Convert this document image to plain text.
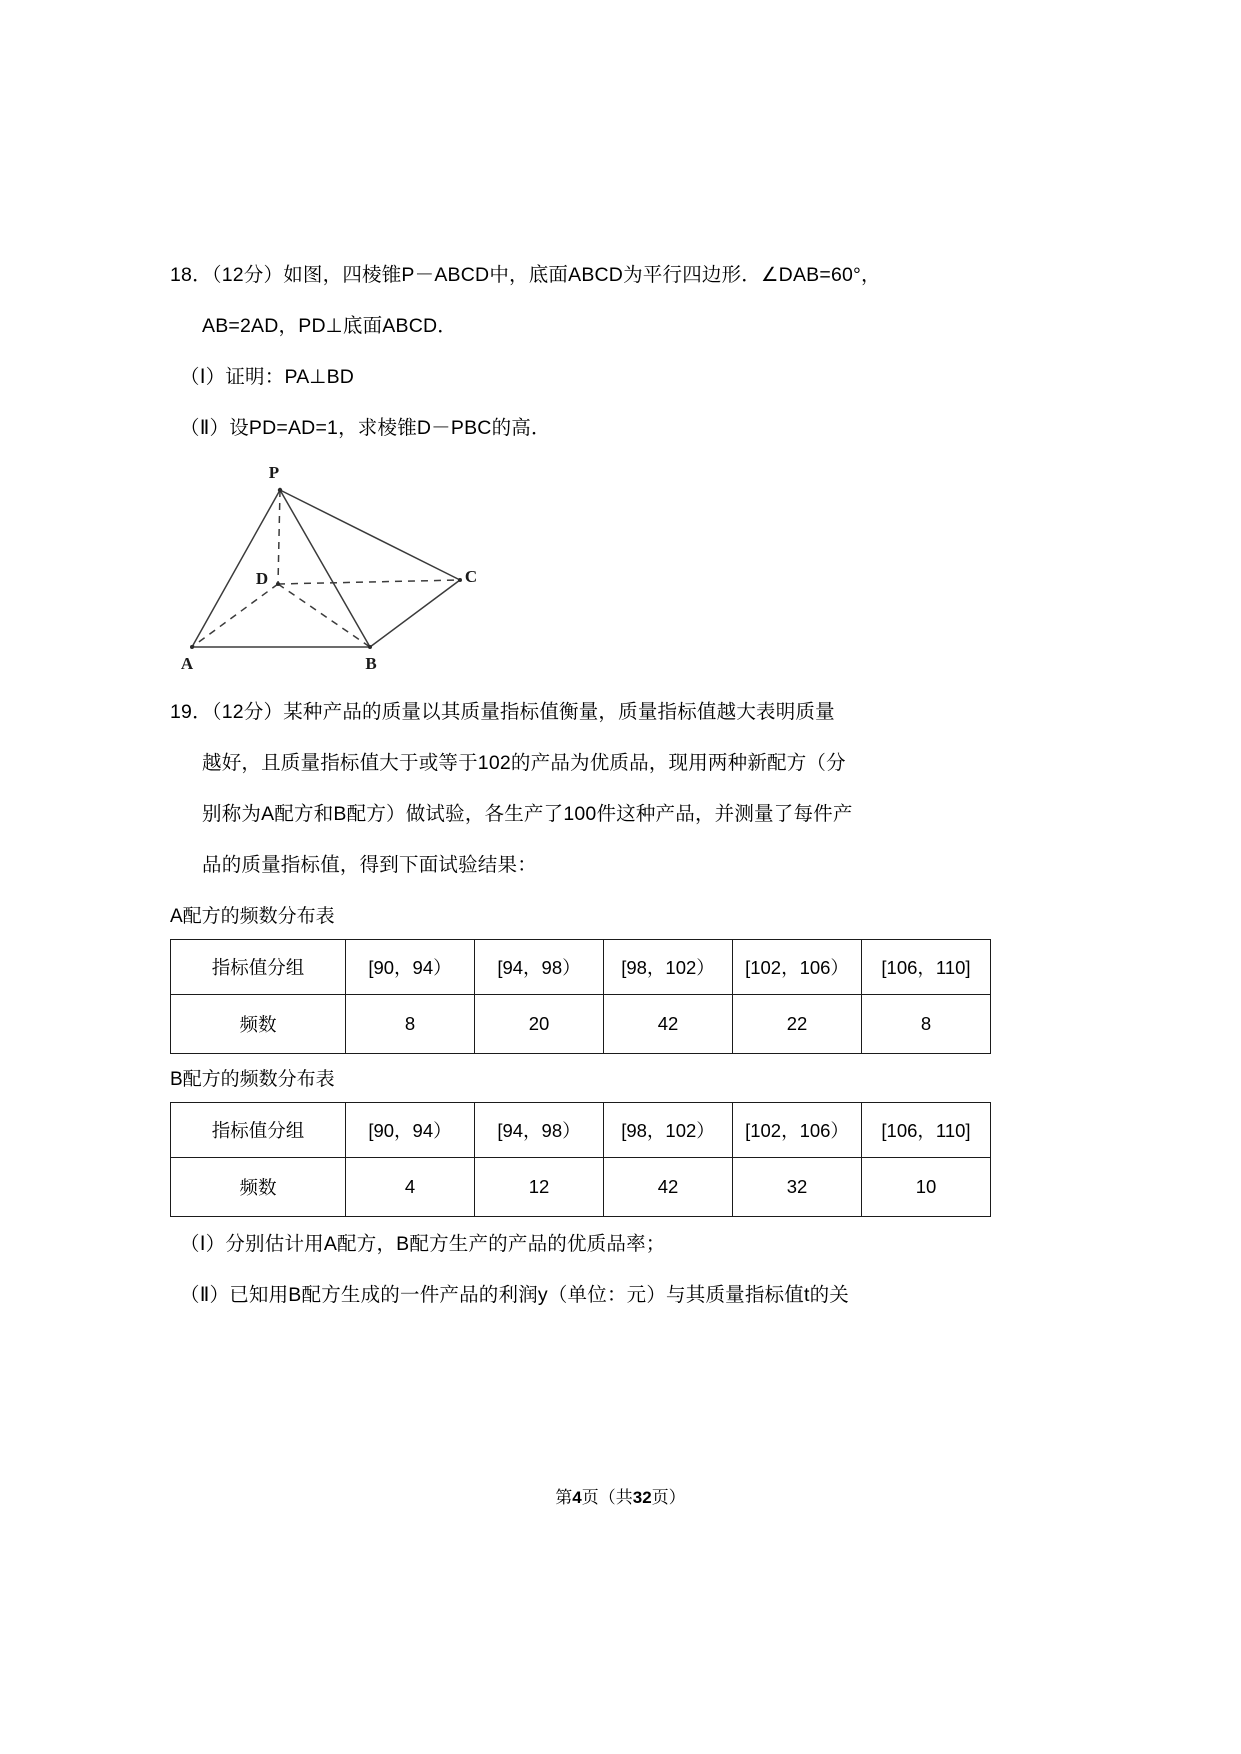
18．（12分）如图，四棱锥P－ABCD中，底面ABCD为平行四边形．∠DAB=60°，
AB=2AD，PD⊥底面ABCD．
（Ⅰ）证明：PA⊥BD
（Ⅱ）设PD=AD=1，求棱锥D－PBC的高．
P
D	C
A	B
19．（12分）某种产品的质量以其质量指标值衡量，质量指标值越大表明质量
越好，且质量指标值大于或等于102的产品为优质品，现用两种新配方（分
别称为A配方和B配方）做试验，各生产了100件这种产品，并测量了每件产
品的质量指标值，得到下面试验结果：
A配方的频数分布表
指标值分组	[90，94）	[94，98）	[98，102）	[102，106）	[106，110]
频数	8	20	42	22	8
B配方的频数分布表
指标值分组	[90，94）	[94，98）	[98，102）	[102，106）	[106，110]
频数	4	12	42	32	10
（Ⅰ）分别估计用A配方，B配方生产的产品的优质品率；
（Ⅱ）已知用B配方生成的一件产品的利润y（单位：元）与其质量指标值t的关
第4页（共32页）
